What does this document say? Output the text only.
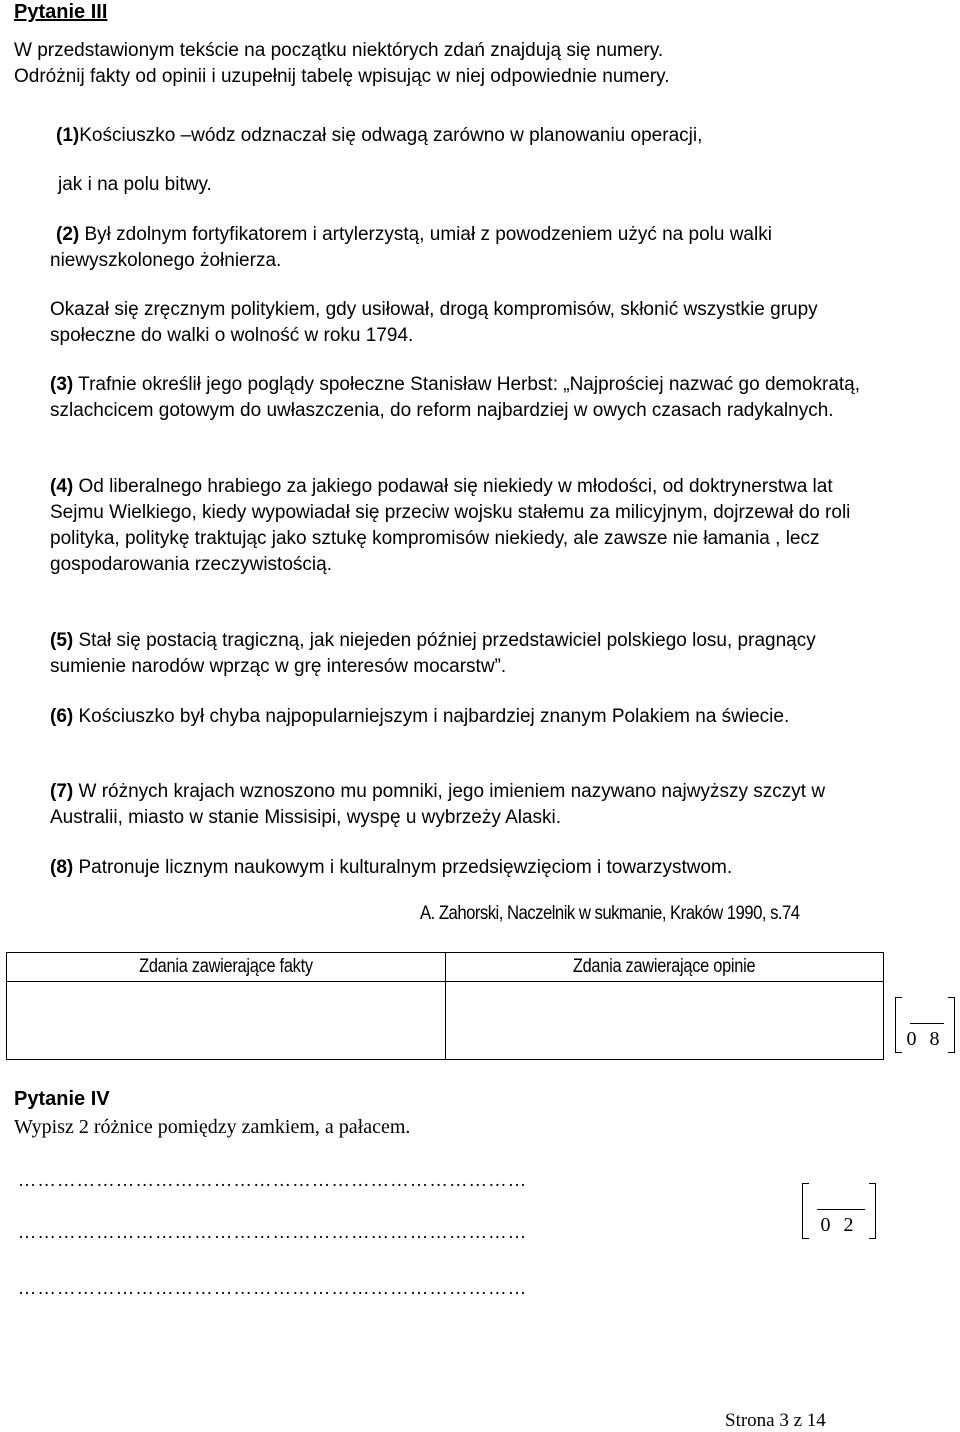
Pytanie III
W przedstawionym tekście na początku niektórych zdań znajdują się numery.
Odróżnij fakty od opinii i uzupełnij tabelę wpisując w niej odpowiednie numery.
(1)Kościuszko –wódz odznaczał się odwagą zarówno w planowaniu operacji,
jak i na polu bitwy.
(2) Był zdolnym fortyfikatorem i artylerzystą, umiał z powodzeniem użyć na polu walki niewyszkolonego żołnierza.
Okazał się zręcznym politykiem, gdy usiłował, drogą kompromisów, skłonić wszystkie grupy społeczne do walki o wolność w roku 1794.
(3) Trafnie określił jego poglądy społeczne Stanisław Herbst: „Najprościej nazwać go demokratą, szlachcicem gotowym do uwłaszczenia, do reform najbardziej w owych czasach radykalnych.
(4) Od liberalnego hrabiego za jakiego podawał się niekiedy w młodości, od doktrynerstwa lat Sejmu Wielkiego, kiedy wypowiadał się przeciw wojsku stałemu za milicyjnym, dojrzewał do roli polityka, politykę traktując jako sztukę kompromisów niekiedy, ale zawsze nie łamania , lecz gospodarowania rzeczywistością.
(5) Stał się postacią tragiczną, jak niejeden później przedstawiciel polskiego losu, pragnący sumienie narodów wprząc w grę interesów mocarstw”.
(6) Kościuszko był chyba najpopularniejszym i najbardziej znanym Polakiem na świecie.
(7) W różnych krajach wznoszono mu pomniki, jego imieniem nazywano najwyższy szczyt w Australii, miasto w stanie Missisipi, wyspę u wybrzeży Alaski.
(8) Patronuje licznym naukowym i kulturalnym przedsięwzięciom i towarzystwom.
A. Zahorski, Naczelnik w sukmanie, Kraków 1990, s.74
Zdania zawierające fakty	Zdania zawierające opinie

0 8
Pytanie IV
Wypisz 2 różnice pomiędzy zamkiem, a pałacem.
……………………………………………………………………
……………………………………………………………………
……………………………………………………………………
0 2
Strona 3 z 14
